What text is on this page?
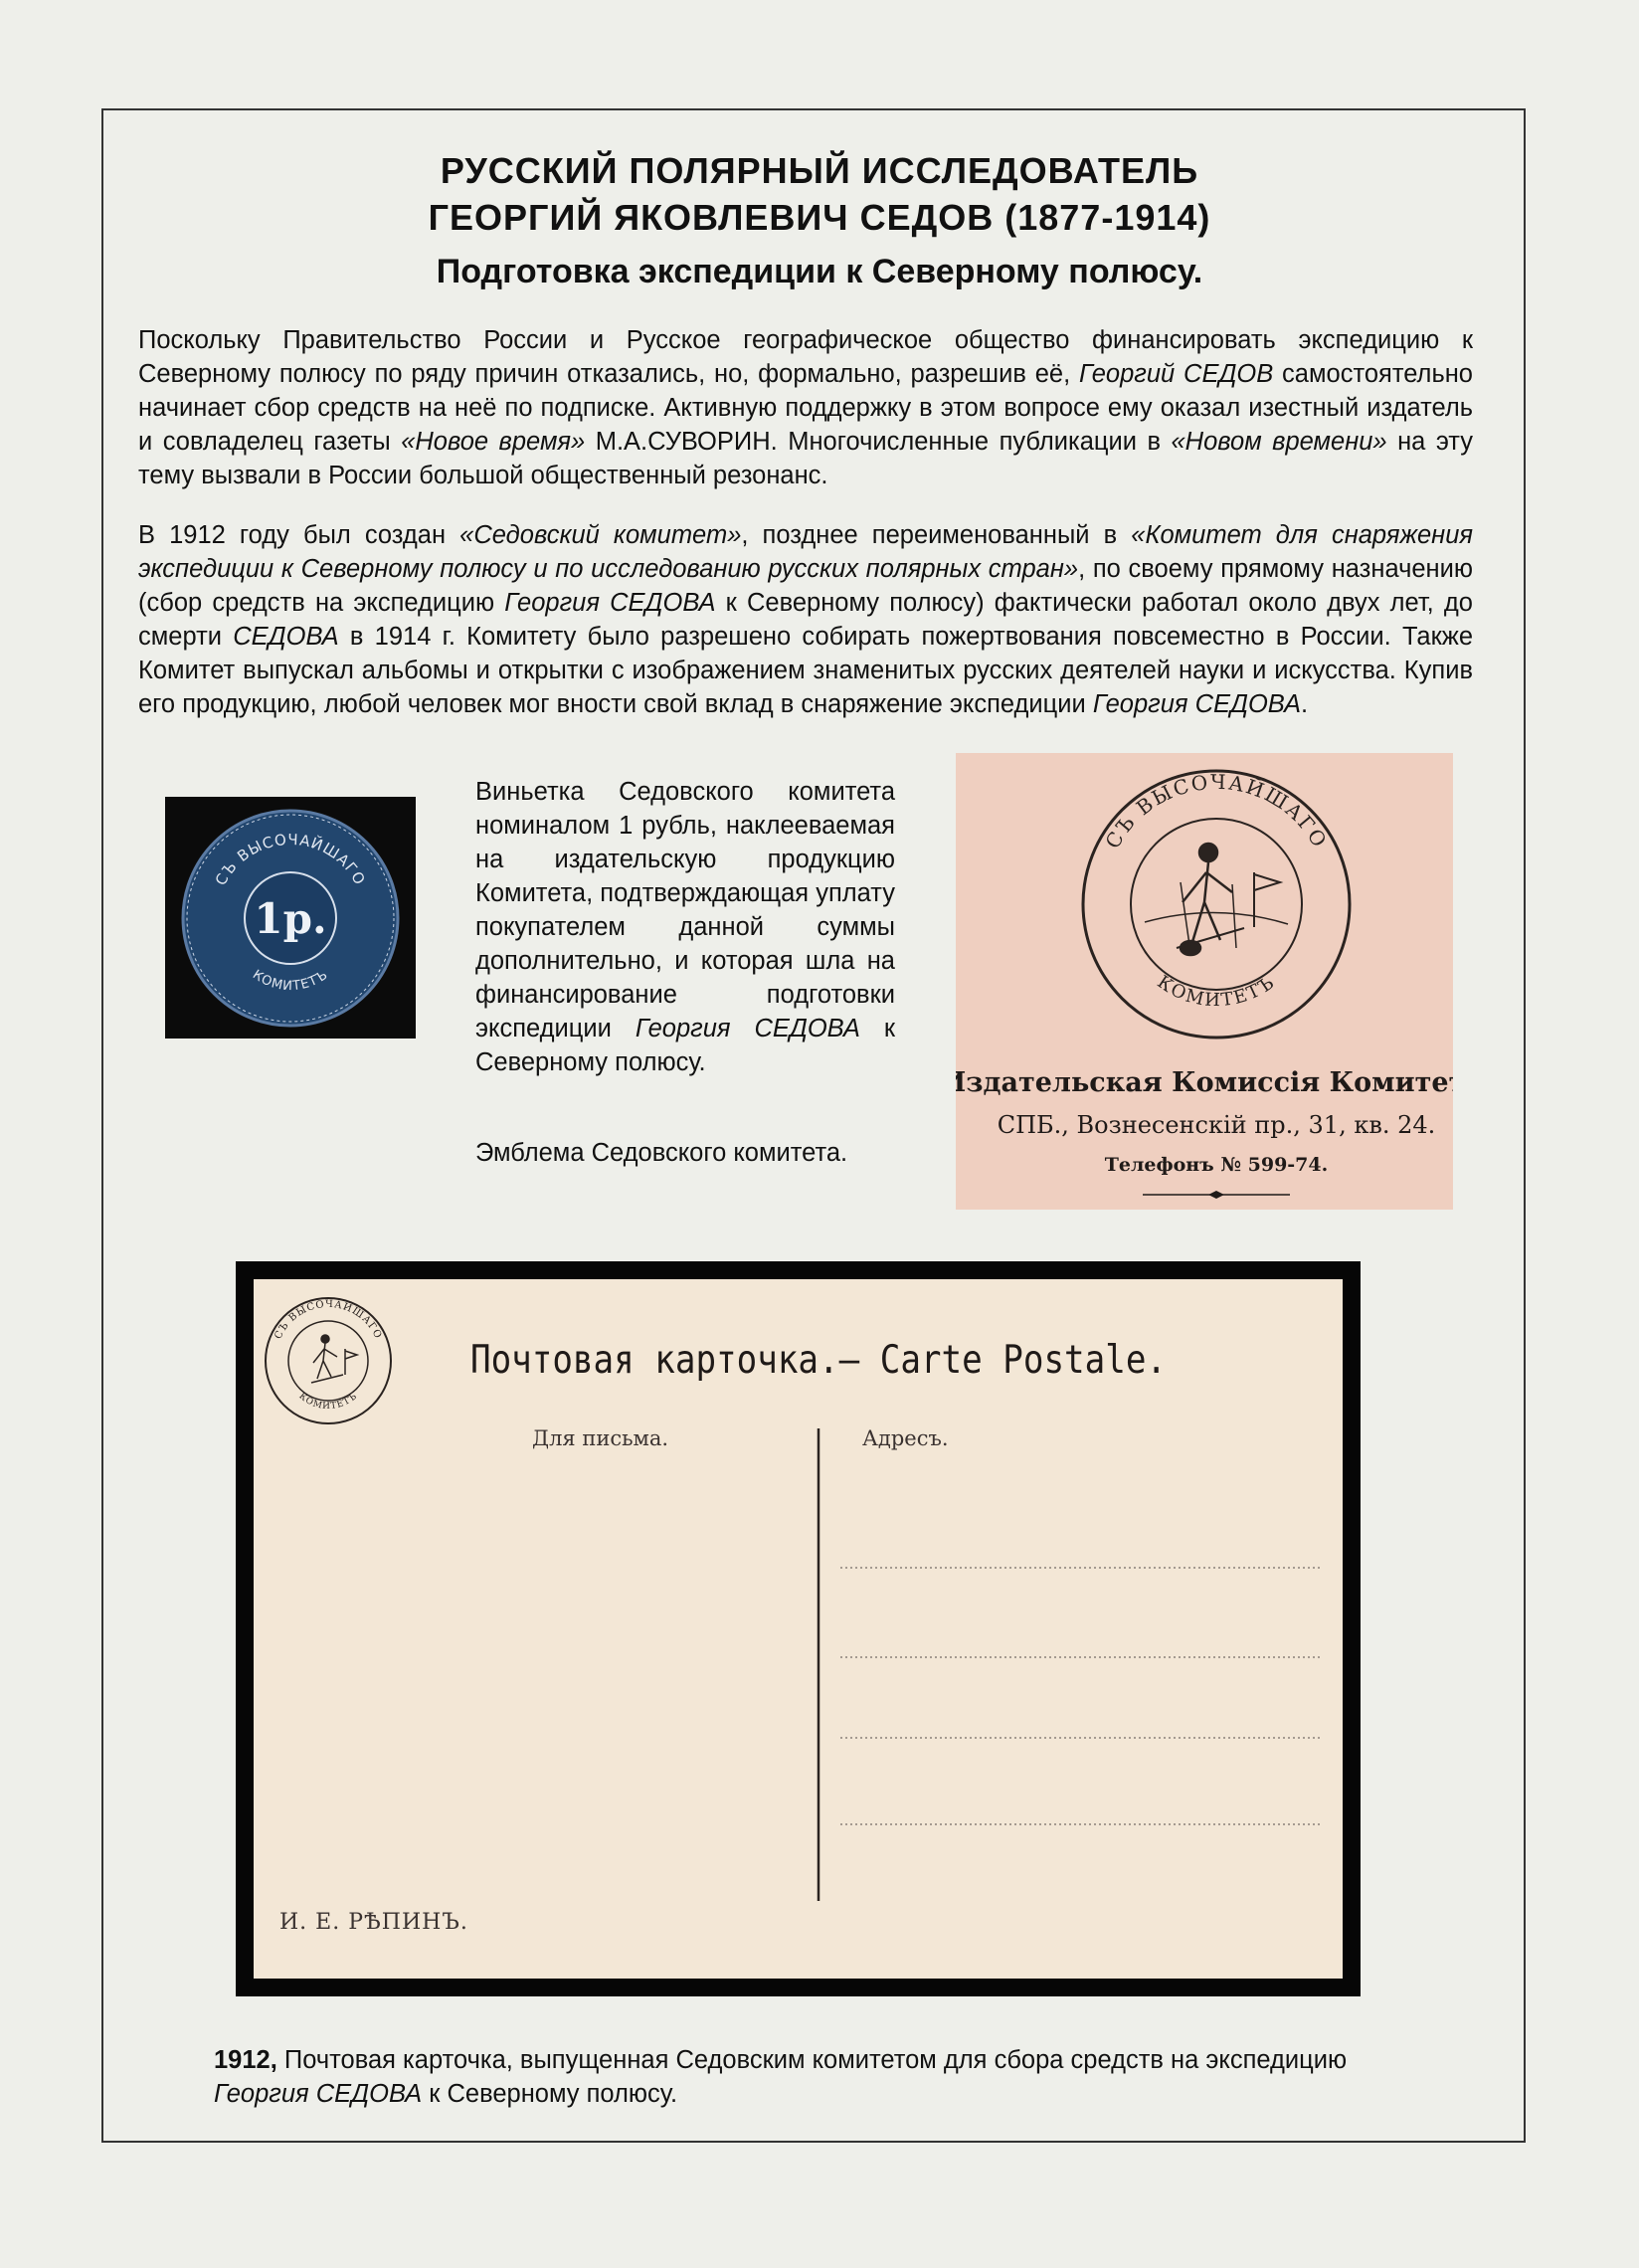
РУССКИЙ ПОЛЯРНЫЙ ИССЛЕДОВАТЕЛЬ
ГЕОРГИЙ ЯКОВЛЕВИЧ СЕДОВ (1877-1914)
Подготовка экспедиции к Северному полюсу.

Поскольку Правительство России и Русское географическое общество финансировать экспедицию к Северному полюсу по ряду причин отказались, но, формально, разрешив её, Георгий СЕДОВ самостоятельно начинает сбор средств на неё по подписке. Активную поддержку в этом вопросе ему оказал изестный издатель и совладелец газеты «Новое время» М.А.СУВОРИН. Многочисленные публикации в «Новом времени» на эту тему вызвали в России большой общественный резонанс.

В 1912 году был создан «Седовский комитет», позднее переименованный в «Комитет для снаряжения экспедиции к Северному полюсу и по исследованию русских полярных стран», по своему прямому назначению (сбор средств на экспедицию Георгия СЕДОВА к Северному полюсу) фактически работал около двух лет, до смерти СЕДОВА в 1914 г. Комитету было разрешено собирать пожертвования повсеместно в России. Также Комитет выпускал альбомы и открытки с изображением знаменитых русских деятелей науки и искусства. Купив его продукцию, любой человек мог вности свой вклад в снаряжение экспедиции Георгия СЕДОВА.

СЪ ВЫСОЧАЙШАГО
КОМИТЕТЪ
1р.

Виньетка Седовского комитета номиналом 1 рубль, наклееваемая на издательскую продукцию Комитета, подтверждающая уплату покупателем данной суммы дополнительно, и которая шла на финансирование подготовки экспедиции Георгия СЕДОВА к Северному полюсу.

Эмблема Седовского комитета.

СЪ ВЫСОЧАЙШАГО
КОМИТЕТЪ
Издательская Комиссія Комитета.
СПБ., Вознесенскій пр., 31, кв. 24.
Телефонъ № 599-74.
СЪ ВЫСОЧАЙШАГО
КОМИТЕТЪ
Почтовая карточка.— Carte Postale.
Для письма.	Адресъ.
И. Е. РѢПИНЪ.

1912, Почтовая карточка, выпущенная Седовским комитетом для сбора средств на экспедицию Георгия СЕДОВА к Северному полюсу.
